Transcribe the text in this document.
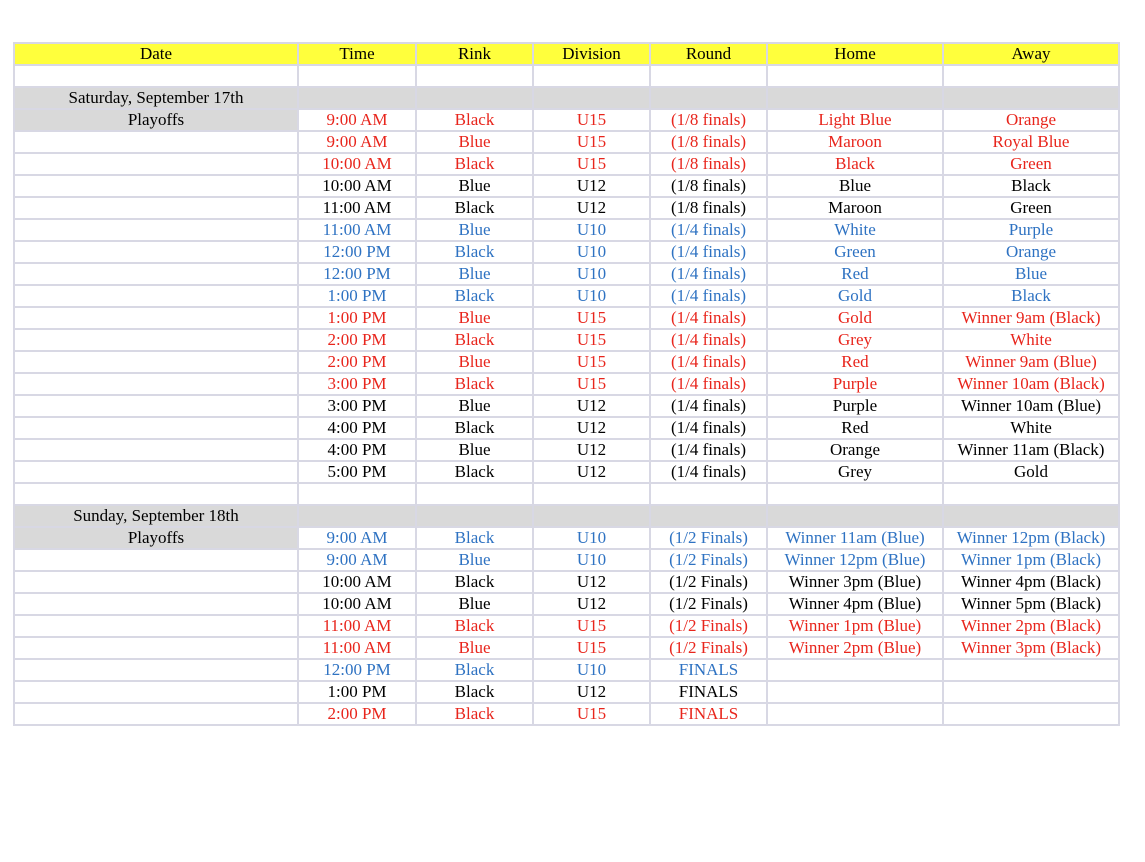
Date	Time	Rink	Division	Round	Home	Away

Saturday, September 17th						
Playoffs	9:00 AM	Black	U15	(1/8 finals)	Light Blue	Orange
	9:00 AM	Blue	U15	(1/8 finals)	Maroon	Royal Blue
	10:00 AM	Black	U15	(1/8 finals)	Black	Green
	10:00 AM	Blue	U12	(1/8 finals)	Blue	Black
	11:00 AM	Black	U12	(1/8 finals)	Maroon	Green
	11:00 AM	Blue	U10	(1/4 finals)	White	Purple
	12:00 PM	Black	U10	(1/4 finals)	Green	Orange
	12:00 PM	Blue	U10	(1/4 finals)	Red	Blue
	1:00 PM	Black	U10	(1/4 finals)	Gold	Black
	1:00 PM	Blue	U15	(1/4 finals)	Gold	Winner 9am (Black)
	2:00 PM	Black	U15	(1/4 finals)	Grey	White
	2:00 PM	Blue	U15	(1/4 finals)	Red	Winner 9am (Blue)
	3:00 PM	Black	U15	(1/4 finals)	Purple	Winner 10am (Black)
	3:00 PM	Blue	U12	(1/4 finals)	Purple	Winner 10am (Blue)
	4:00 PM	Black	U12	(1/4 finals)	Red	White
	4:00 PM	Blue	U12	(1/4 finals)	Orange	Winner 11am (Black)
	5:00 PM	Black	U12	(1/4 finals)	Grey	Gold

Sunday, September 18th						
Playoffs	9:00 AM	Black	U10	(1/2 Finals)	Winner 11am (Blue)	Winner 12pm (Black)
	9:00 AM	Blue	U10	(1/2 Finals)	Winner 12pm (Blue)	Winner 1pm (Black)
	10:00 AM	Black	U12	(1/2 Finals)	Winner 3pm (Blue)	Winner 4pm (Black)
	10:00 AM	Blue	U12	(1/2 Finals)	Winner 4pm (Blue)	Winner 5pm (Black)
	11:00 AM	Black	U15	(1/2 Finals)	Winner 1pm (Blue)	Winner 2pm (Black)
	11:00 AM	Blue	U15	(1/2 Finals)	Winner 2pm (Blue)	Winner 3pm (Black)
	12:00 PM	Black	U10	FINALS		
	1:00 PM	Black	U12	FINALS		
	2:00 PM	Black	U15	FINALS		
